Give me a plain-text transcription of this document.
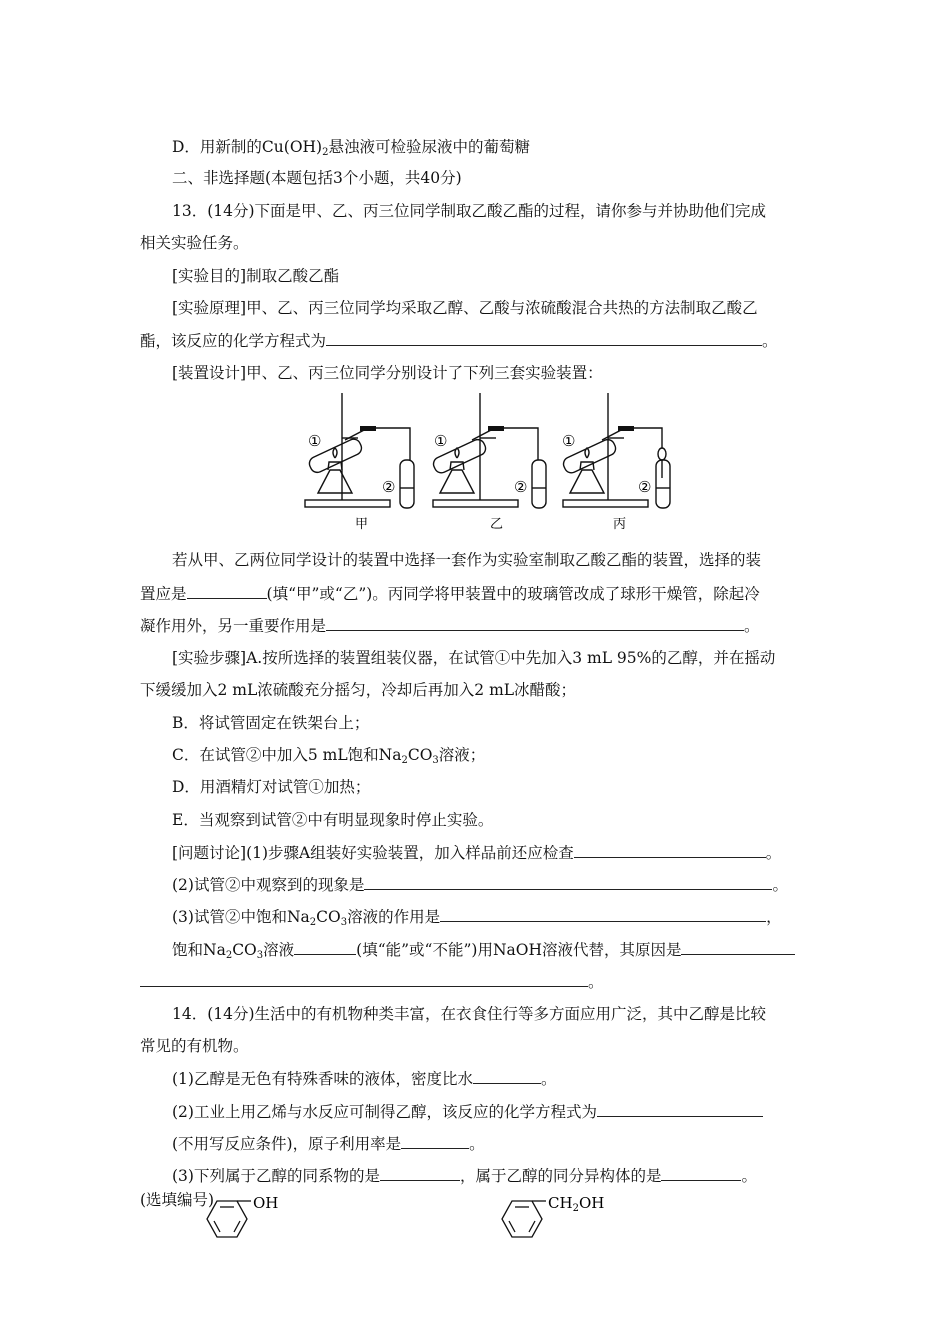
D．用新制的$Cu(OH)_2$悬浊液可检验尿液中的葡萄糖
二、非选择题(本题包括3个小题，共40分)
13．(14分)下面是甲、乙、丙三位同学制取乙酸乙酯的过程，请你参与并协助他们完成
相关实验任务。
[实验目的]制取乙酸乙酯
[实验原理]甲、乙、丙三位同学均采取乙醇、乙酸与浓硫酸混合共热的方法制取乙酸乙
酯，该反应的化学方程式为	。
[装置设计]甲、乙、丙三位同学分别设计了下列三套实验装置：
①	①	①
②	②	②
甲	乙	丙
若从甲、乙两位同学设计的装置中选择一套作为实验室制取乙酸乙酯的装置，选择的装
置应是	(填“甲”或“乙”)。丙同学将甲装置中的玻璃管改成了球形干燥管，除起冷
凝作用外，另一重要作用是	。
[实验步骤]A.按所选择的装置组装仪器，在试管①中先加入3 mL 95%的乙醇，并在摇动
下缓缓加入2 mL浓硫酸充分摇匀，冷却后再加入2 mL冰醋酸；
B．将试管固定在铁架台上；
C．在试管②中加入5 mL饱和$Na_2CO_3$溶液；
D．用酒精灯对试管①加热；
E．当观察到试管②中有明显现象时停止实验。
[问题讨论](1)步骤A组装好实验装置，加入样品前还应检查	。
(2)试管②中观察到的现象是	。
(3)试管②中饱和$Na_2CO_3$溶液的作用是	，
饱和$Na_2CO_3$溶液	(填“能”或“不能”)用NaOH溶液代替，其原因是
。
14．(14分)生活中的有机物种类丰富，在衣食住行等多方面应用广泛，其中乙醇是比较
常见的有机物。
(1)乙醇是无色有特殊香味的液体，密度比水	。
(2)工业上用乙烯与水反应可制得乙醇，该反应的化学方程式为
(不用写反应条件)，原子利用率是	。
(3)下列属于乙醇的同系物的是	，属于乙醇的同分异构体的是	。
(选填编号)	OH	$CH_2OH$
